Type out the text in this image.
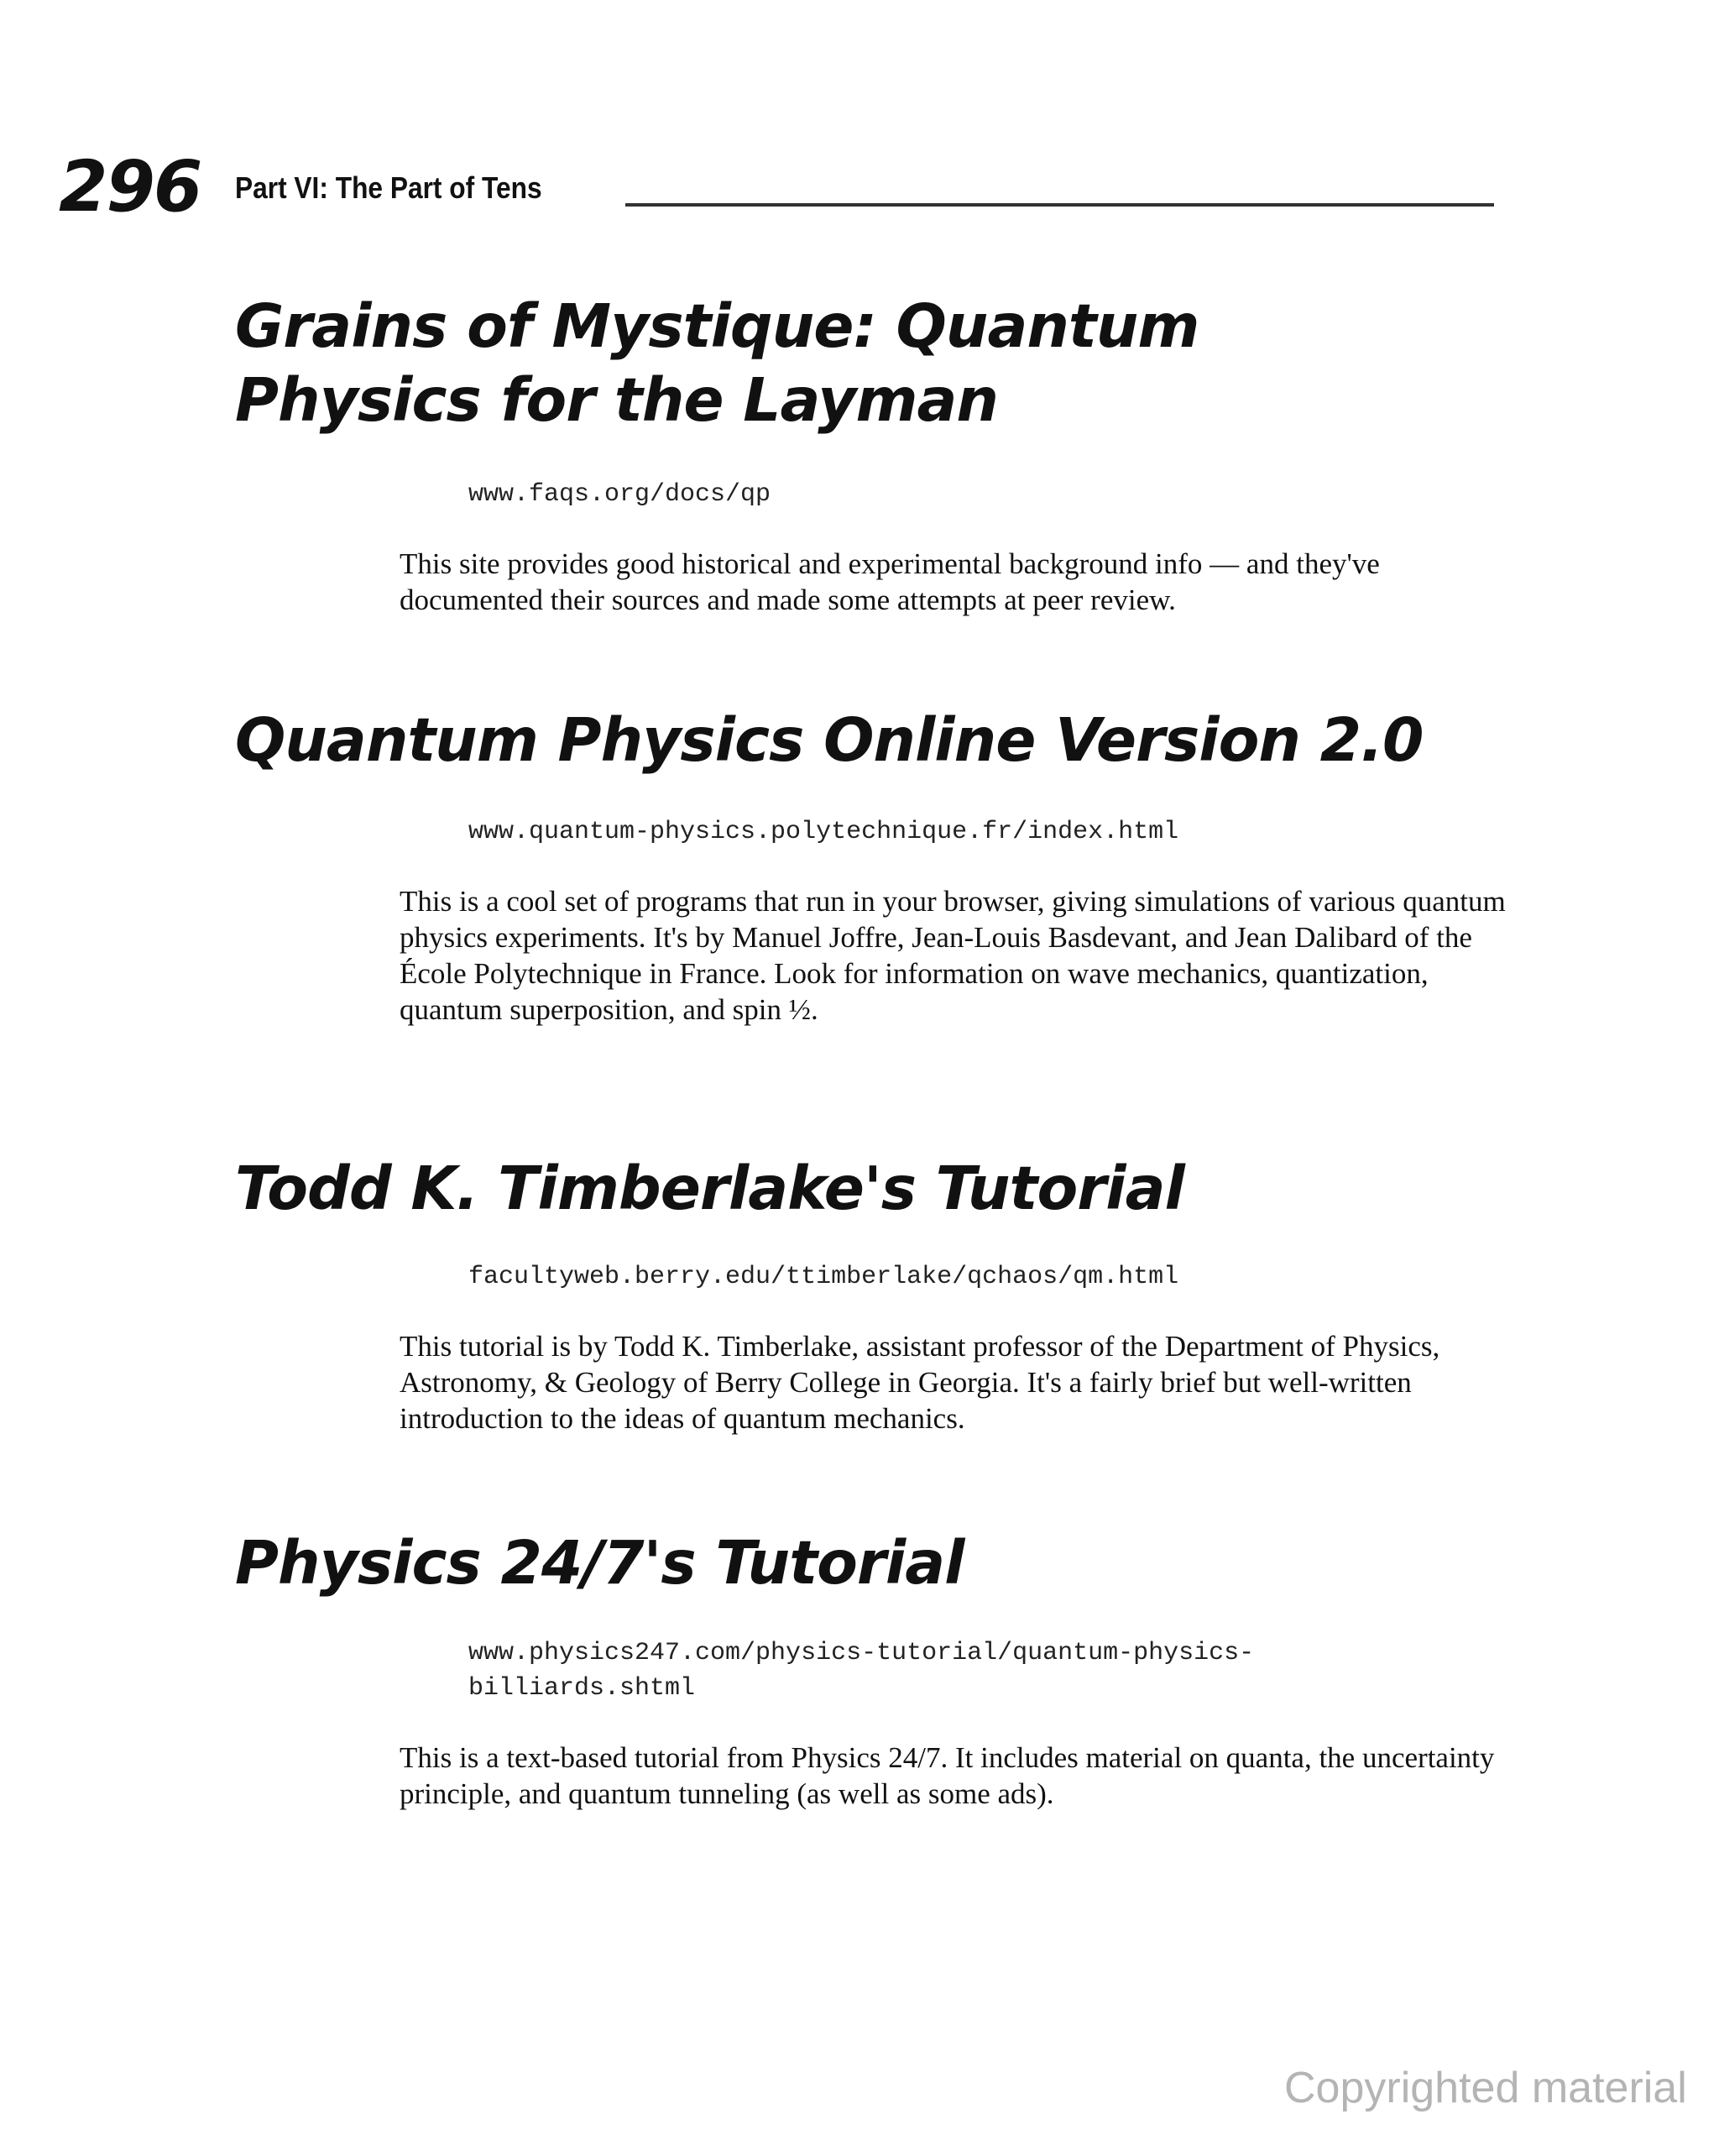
296 Part VI: The Part of Tens
Grains of Mystique: Quantum
Physics for the Layman

www.faqs.org/docs/qp

This site provides good historical and experimental background info — and they've documented their sources and made some attempts at peer review.

Quantum Physics Online Version 2.0

www.quantum-physics.polytechnique.fr/index.html

This is a cool set of programs that run in your browser, giving simulations of various quantum physics experiments. It's by Manuel Joffre, Jean-Louis Basdevant, and Jean Dalibard of the École Polytechnique in France. Look for information on wave mechanics, quantization, quantum superposition, and spin ½.

Todd K. Timberlake's Tutorial

facultyweb.berry.edu/ttimberlake/qchaos/qm.html

This tutorial is by Todd K. Timberlake, assistant professor of the Department of Physics, Astronomy, & Geology of Berry College in Georgia. It's a fairly brief but well-written introduction to the ideas of quantum mechanics.

Physics 24/7's Tutorial
www.physics247.com/physics-tutorial/quantum-physics-
billiards.shtml

This is a text-based tutorial from Physics 24/7. It includes material on quanta, the uncertainty principle, and quantum tunneling (as well as some ads).

Copyrighted material
